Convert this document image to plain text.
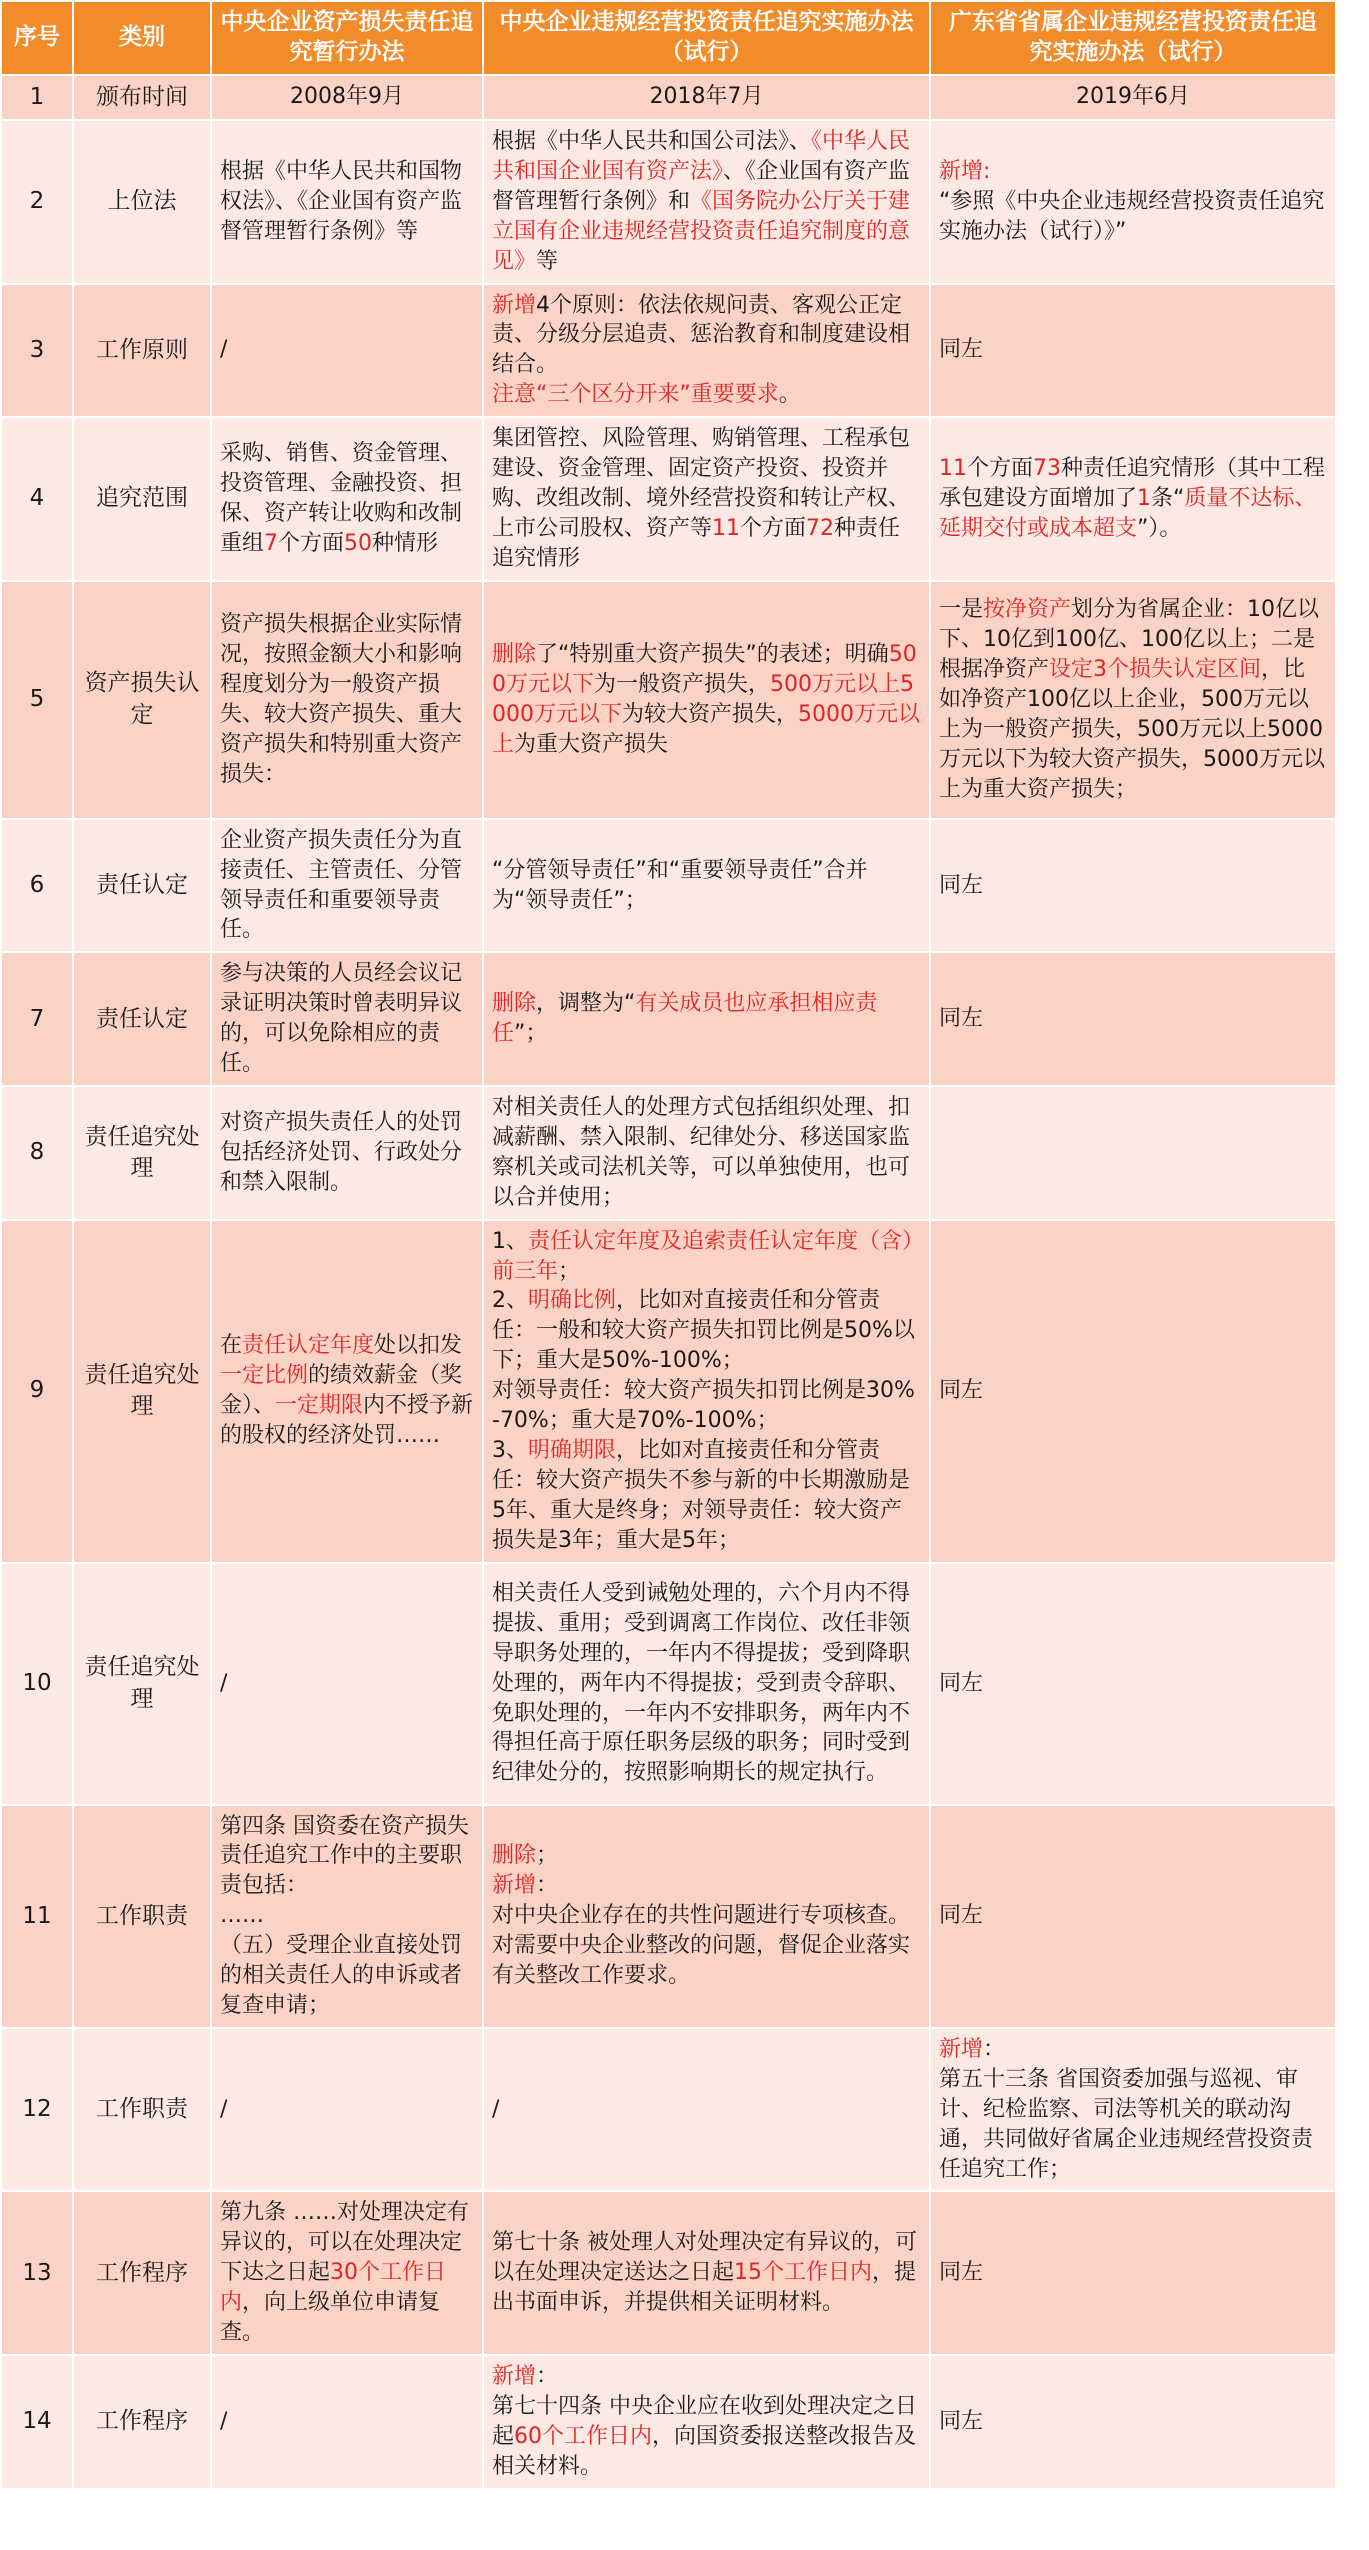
序号	类别	中央企业资产损失责任追究暂行办法	中央企业违规经营投资责任追究实施办法（试行）	广东省省属企业违规经营投资责任追究实施办法（试行）
1	颁布时间	2008年9月	2018年7月	2019年6月

2	上位法	根据《中华人民共和国物权法》、《企业国有资产监督管理暂行条例》等	根据《中华人民共和国公司法》、《中华人民共和国企业国有资产法》、《企业国有资产监督管理暂行条例》和《国务院办公厅关于建立国有企业违规经营投资责任追究制度的意见》等	新增:
“参照《中央企业违规经营投资责任追究实施办法（试行）》”

3	工作原则	/	新增4个原则：依法依规问责、客观公正定责、分级分层追责、惩治教育和制度建设相结合。
注意“三个区分开来”重要要求。	同左

4	追究范围	采购、销售、资金管理、投资管理、金融投资、担保、资产转让收购和改制重组7个方面50种情形	集团管控、风险管理、购销管理、工程承包建设、资金管理、固定资产投资、投资并购、改组改制、境外经营投资和转让产权、上市公司股权、资产等11个方面72种责任追究情形	11个方面73种责任追究情形（其中工程承包建设方面增加了1条“质量不达标、延期交付或成本超支”）。

5	资产损失认定	资产损失根据企业实际情况，按照金额大小和影响程度划分为一般资产损失、较大资产损失、重大资产损失和特别重大资产损失：	删除了“特别重大资产损失”的表述；明确500万元以下为一般资产损失，500万元以上5000万元以下为较大资产损失，5000万元以上为重大资产损失	一是按净资产划分为省属企业：10亿以下、10亿到100亿、100亿以上；二是根据净资产设定3个损失认定区间，比如净资产100亿以上企业，500万元以上为一般资产损失，500万元以上5000万元以下为较大资产损失，5000万元以上为重大资产损失；

6	责任认定	企业资产损失责任分为直接责任、主管责任、分管领导责任和重要领导责任。	“分管领导责任”和“重要领导责任”合并为“领导责任”；	同左

7	责任认定	参与决策的人员经会议记录证明决策时曾表明异议的，可以免除相应的责任。	删除，调整为“有关成员也应承担相应责任”；	同左

8	责任追究处理	对资产损失责任人的处罚包括经济处罚、行政处分和禁入限制。	对相关责任人的处理方式包括组织处理、扣减薪酬、禁入限制、纪律处分、移送国家监察机关或司法机关等，可以单独使用，也可以合并使用；	

9	责任追究处理	在责任认定年度处以扣发一定比例的绩效薪金（奖金）、一定期限内不授予新的股权的经济处罚……	1、责任认定年度及追索责任认定年度（含）前三年；
2、明确比例，比如对直接责任和分管责任：一般和较大资产损失扣罚比例是50%以下；重大是50%-100%；
对领导责任：较大资产损失扣罚比例是30%-70%；重大是70%-100%；
3、明确期限，比如对直接责任和分管责任：较大资产损失不参与新的中长期激励是5年、重大是终身；对领导责任：较大资产损失是3年；重大是5年；	同左

10	责任追究处理	/	相关责任人受到诫勉处理的，六个月内不得提拔、重用；受到调离工作岗位、改任非领导职务处理的，一年内不得提拔；受到降职处理的，两年内不得提拔；受到责令辞职、免职处理的，一年内不安排职务，两年内不得担任高于原任职务层级的职务；同时受到纪律处分的，按照影响期长的规定执行。	同左

11	工作职责	第四条 国资委在资产损失责任追究工作中的主要职责包括：
……
（五）受理企业直接处罚的相关责任人的申诉或者复查申请；	删除；
新增：
对中央企业存在的共性问题进行专项核查。
对需要中央企业整改的问题，督促企业落实有关整改工作要求。	同左

12	工作职责	/	/	新增：
第五十三条 省国资委加强与巡视、审计、纪检监察、司法等机关的联动沟通，共同做好省属企业违规经营投资责任追究工作；

13	工作程序	第九条 ……对处理决定有异议的，可以在处理决定下达之日起30个工作日内，向上级单位申请复查。	第七十条 被处理人对处理决定有异议的，可以在处理决定送达之日起15个工作日内，提出书面申诉，并提供相关证明材料。	同左

14	工作程序	/	新增：
第七十四条 中央企业应在收到处理决定之日起60个工作日内，向国资委报送整改报告及相关材料。	同左
